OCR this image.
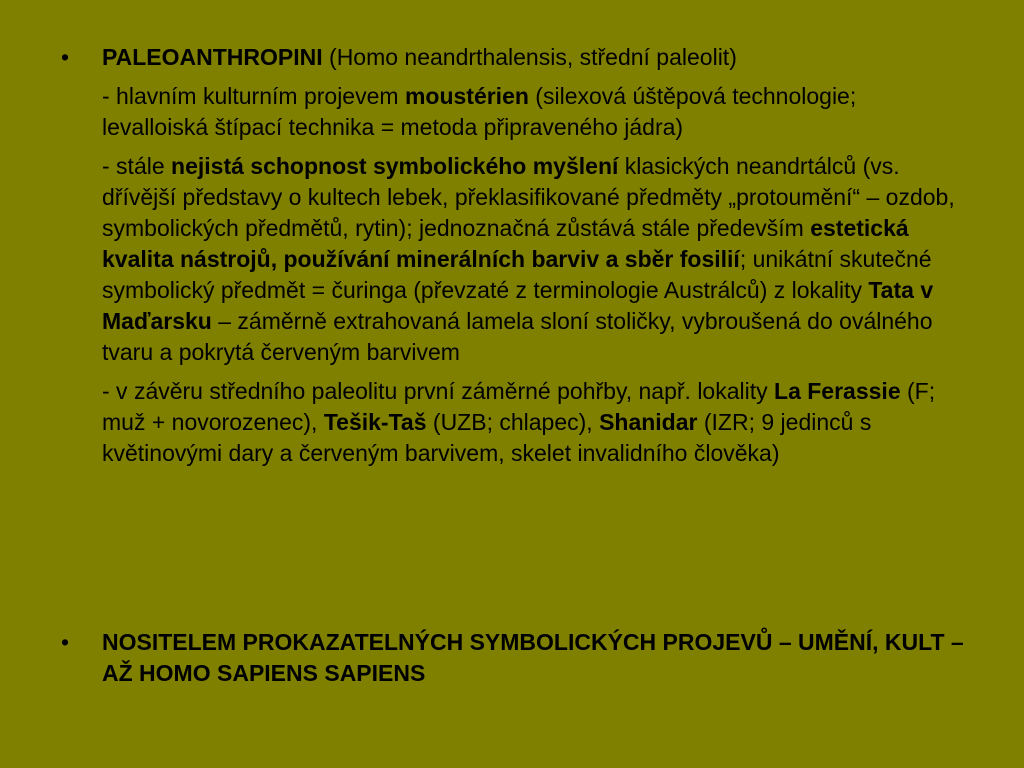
• PALEOANTHROPINI (Homo neandrthalensis, střední paleolit)
- hlavním kulturním projevem moustérien (silexová úštěpová technologie; levalloiská štípací technika = metoda připraveného jádra)
- stále nejistá schopnost symbolického myšlení klasických neandrtálců (vs. dřívější představy o kultech lebek, překlasifikované předměty „protoumění“ – ozdob, symbolických předmětů, rytin); jednoznačná zůstává stále především estetická kvalita nástrojů, používání minerálních barviv a sběr fosilií; unikátní skutečné symbolický předmět = čuringa (převzaté z terminologie Austrálců) z lokality Tata v Maďarsku – záměrně extrahovaná lamela sloní stoličky, vybroušená do oválného tvaru a pokrytá červeným barvivem
- v závěru středního paleolitu první záměrné pohřby, např. lokality La Ferassie (F; muž + novorozenec), Tešik-Taš (UZB; chlapec), Shanidar (IZR; 9 jedinců s květinovými dary a červeným barvivem, skelet invalidního člověka)
• NOSITELEM PROKAZATELNÝCH SYMBOLICKÝCH PROJEVŮ – UMĚNÍ, KULT – AŽ HOMO SAPIENS SAPIENS
